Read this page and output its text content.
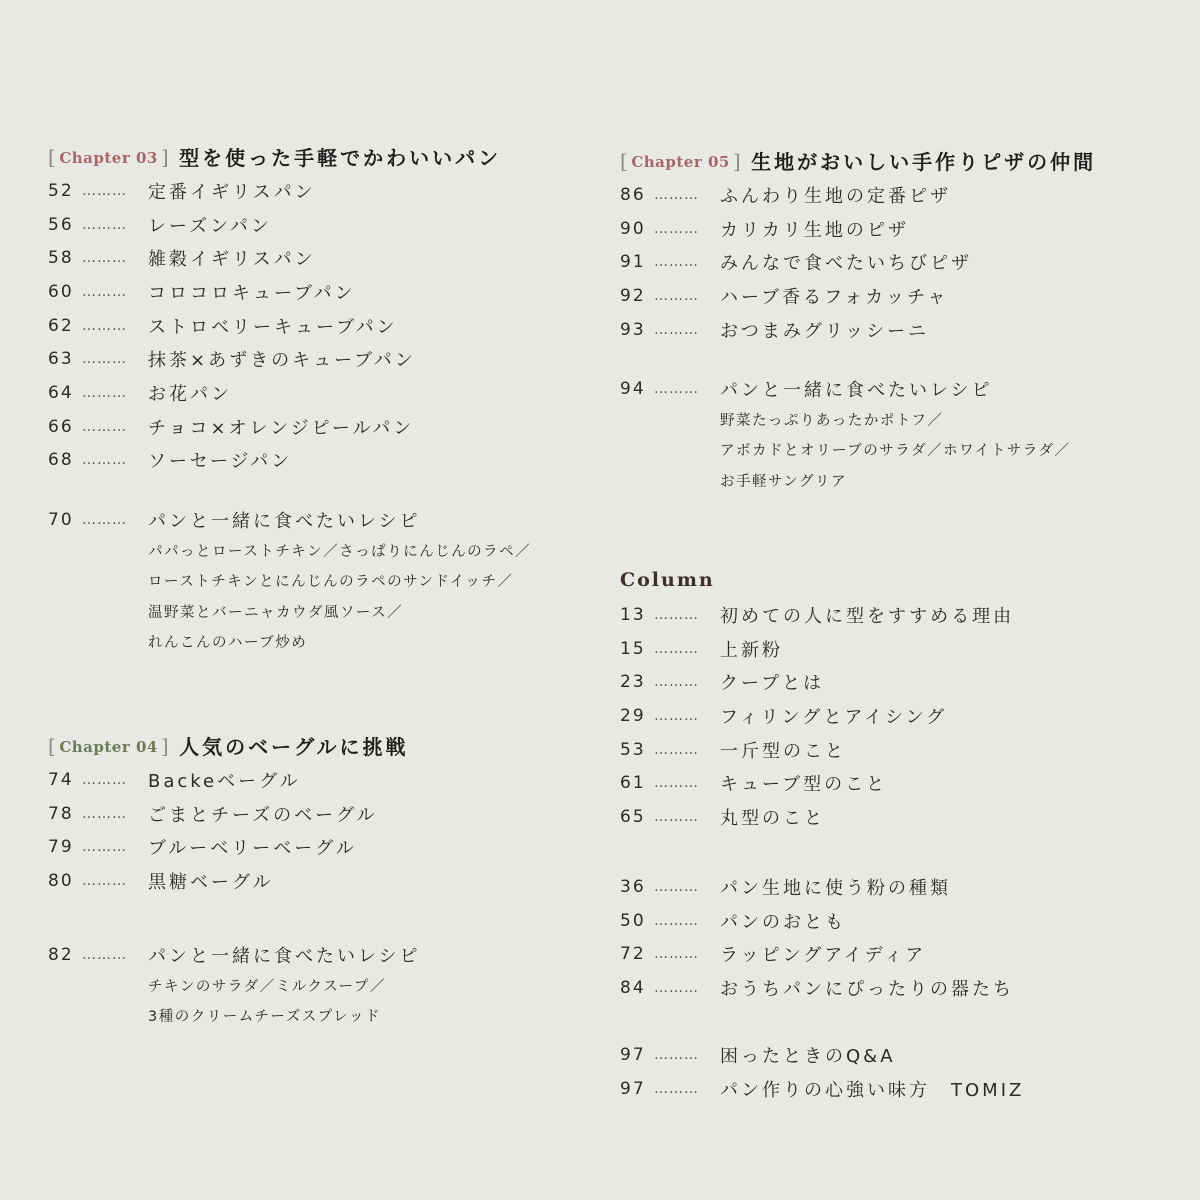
[ Chapter 03 ] 型を使った手軽でかわいいパン
52 ………	定番イギリスパン
56 ………	レーズンパン
58 ………	雑穀イギリスパン
60 ………	コロコロキューブパン
62 ………	ストロベリーキューブパン
63 ………	抹茶×あずきのキューブパン
64 ………	お花パン
66 ………	チョコ×オレンジピールパン
68 ………	ソーセージパン
70 ………	パンと一緒に食べたいレシピ
パパっとローストチキン／さっぱりにんじんのラペ／
ローストチキンとにんじんのラペのサンドイッチ／
温野菜とバーニャカウダ風ソース／
れんこんのハーブ炒め
[ Chapter 04 ] 人気のベーグルに挑戦
74 ………	Backeベーグル
78 ………	ごまとチーズのベーグル
79 ………	ブルーベリーベーグル
80 ………	黒糖ベーグル
82 ………	パンと一緒に食べたいレシピ
チキンのサラダ／ミルクスープ／
3種のクリームチーズスプレッド
[ Chapter 05 ] 生地がおいしい手作りピザの仲間
86 ………	ふんわり生地の定番ピザ
90 ………	カリカリ生地のピザ
91 ………	みんなで食べたいちびピザ
92 ………	ハーブ香るフォカッチャ
93 ………	おつまみグリッシーニ
94 ………	パンと一緒に食べたいレシピ
野菜たっぷりあったかポトフ／
アボカドとオリーブのサラダ／ホワイトサラダ／
お手軽サングリア
Column
13 ………	初めての人に型をすすめる理由
15 ………	上新粉
23 ………	クープとは
29 ………	フィリングとアイシング
53 ………	一斤型のこと
61 ………	キューブ型のこと
65 ………	丸型のこと
36 ………	パン生地に使う粉の種類
50 ………	パンのおとも
72 ………	ラッピングアイディア
84 ………	おうちパンにぴったりの器たち
97 ………	困ったときのQ&A
97 ………	パン作りの心強い味方　TOMIZ
